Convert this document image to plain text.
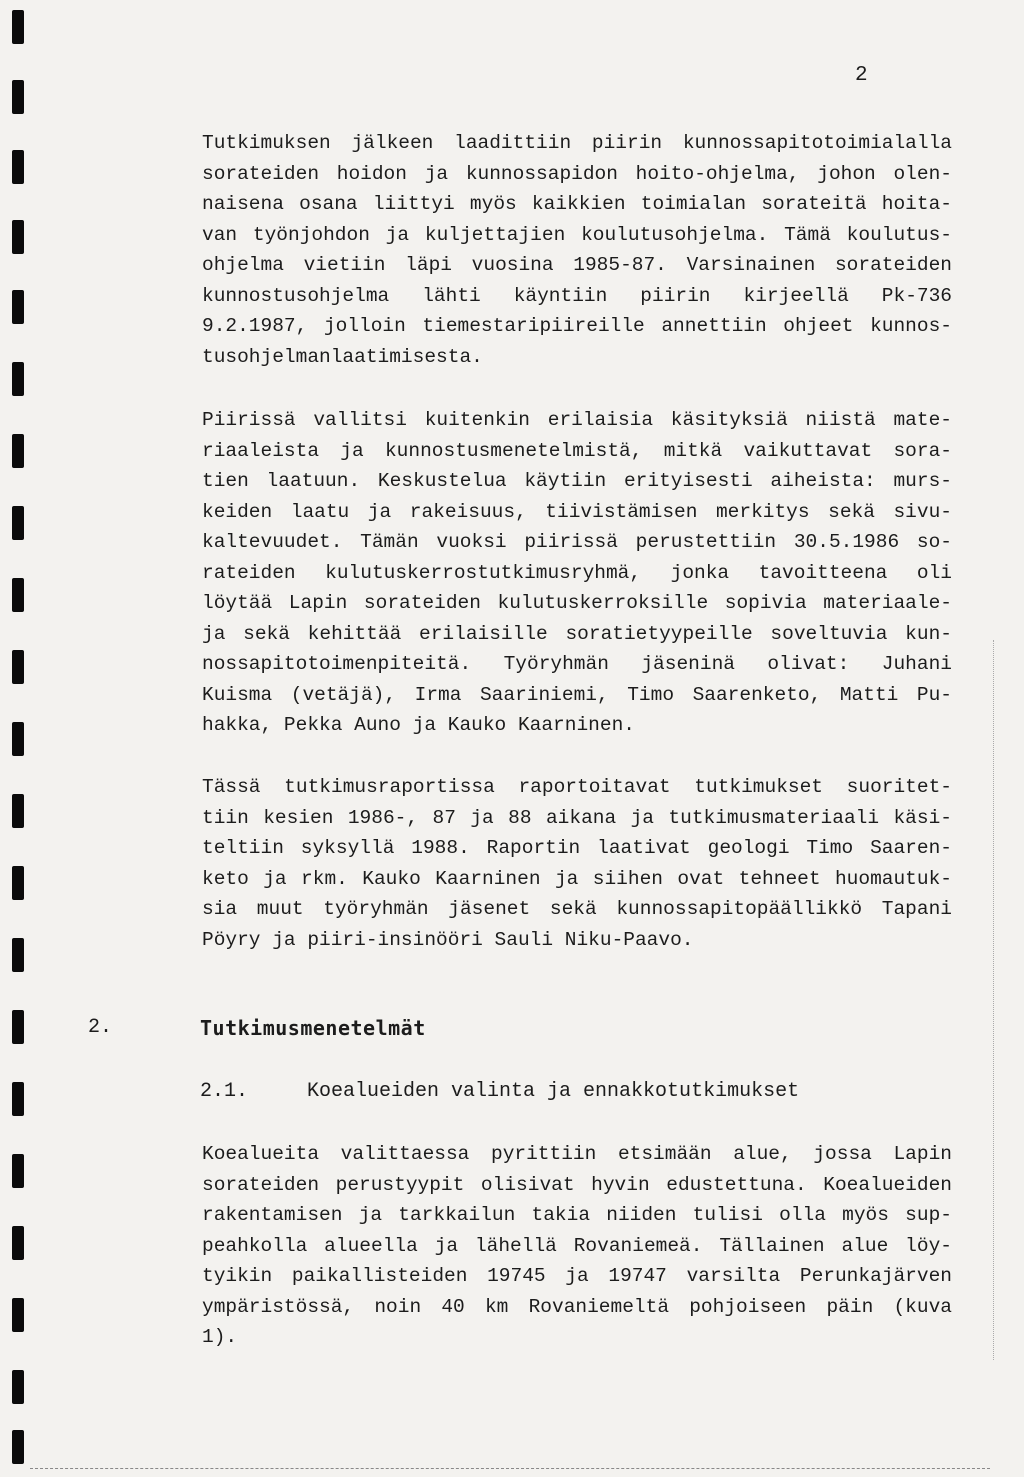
2

Tutkimuksen jälkeen laadittiin piirin kunnossapitotoimialalla
sorateiden hoidon ja kunnossapidon hoito-ohjelma, johon olen-
naisena osana liittyi myös kaikkien toimialan sorateitä hoita-
van työnjohdon ja kuljettajien koulutusohjelma. Tämä koulutus-
ohjelma vietiin läpi vuosina 1985-87. Varsinainen sorateiden
kunnostusohjelma lähti käyntiin piirin kirjeellä Pk-736
9.2.1987, jolloin tiemestaripiireille annettiin ohjeet kunnos-
tusohjelmanlaatimisesta.

Piirissä vallitsi kuitenkin erilaisia käsityksiä niistä mate-
riaaleista ja kunnostusmenetelmistä, mitkä vaikuttavat sora-
tien laatuun. Keskustelua käytiin erityisesti aiheista: murs-
keiden laatu ja rakeisuus, tiivistämisen merkitys sekä sivu-
kaltevuudet. Tämän vuoksi piirissä perustettiin 30.5.1986 so-
rateiden kulutuskerrostutkimusryhmä, jonka tavoitteena oli
löytää Lapin sorateiden kulutuskerroksille sopivia materiaale-
ja sekä kehittää erilaisille soratietyypeille soveltuvia kun-
nossapitotoimenpiteitä. Työryhmän jäseninä olivat: Juhani
Kuisma (vetäjä), Irma Saariniemi, Timo Saarenketo, Matti Pu-
hakka, Pekka Auno ja Kauko Kaarninen.

Tässä tutkimusraportissa raportoitavat tutkimukset suoritet-
tiin kesien 1986-, 87 ja 88 aikana ja tutkimusmateriaali käsi-
teltiin syksyllä 1988. Raportin laativat geologi Timo Saaren-
keto ja rkm. Kauko Kaarninen ja siihen ovat tehneet huomautuk-
sia muut työryhmän jäsenet sekä kunnossapitopäällikkö Tapani
Pöyry ja piiri-insinööri Sauli Niku-Paavo.

2.	Tutkimusmenetelmät
2.1.	Koealueiden valinta ja ennakkotutkimukset

Koealueita valittaessa pyrittiin etsimään alue, jossa Lapin
sorateiden perustyypit olisivat hyvin edustettuna. Koealueiden
rakentamisen ja tarkkailun takia niiden tulisi olla myös sup-
peahkolla alueella ja lähellä Rovaniemeä. Tällainen alue löy-
tyikin paikallisteiden 19745 ja 19747 varsilta Perunkajärven
ympäristössä, noin 40 km Rovaniemeltä pohjoiseen päin (kuva
1).
